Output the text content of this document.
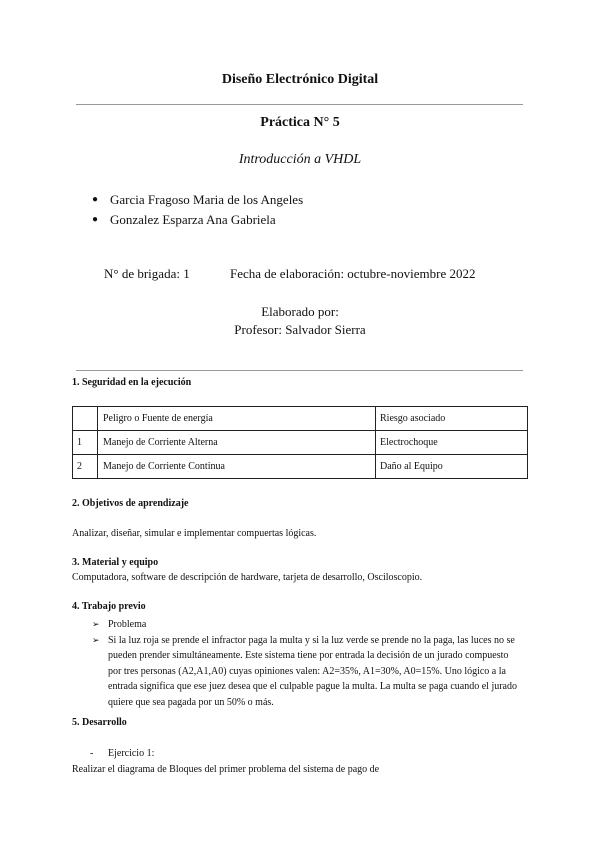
Diseño Electrónico Digital
Práctica N° 5
Introducción a VHDL
● Garcia Fragoso Maria de los Angeles
● Gonzalez Esparza Ana Gabriela
N° de brigada: 1	Fecha de elaboración: octubre-noviembre 2022
Elaborado por:
Profesor: Salvador Sierra
1. Seguridad en la ejecución
	Peligro o Fuente de energía	Riesgo asociado
1	Manejo de Corriente Alterna	Electrochoque
2	Manejo de Corriente Continua	Daño al Equipo
2. Objetivos de aprendizaje
Analizar, diseñar, simular e implementar compuertas lógicas.
3. Material y equipo
Computadora, software de descripción de hardware, tarjeta de desarrollo, Osciloscopio.
4. Trabajo previo
➢ Problema
➢ Si la luz roja se prende el infractor paga la multa y si la luz verde se prende no la paga, las luces no se pueden prender simultáneamente. Este sistema tiene por entrada la decisión de un jurado compuesto por tres personas (A2,A1,A0) cuyas opiniones valen: A2=35%, A1=30%, A0=15%. Uno lógico a la entrada significa que ese juez desea que el culpable pague la multa. La multa se paga cuando el jurado quiere que sea pagada por un 50% o más.
5. Desarrollo
- Ejercicio 1:
Realizar el diagrama de Bloques del primer problema del sistema de pago de
